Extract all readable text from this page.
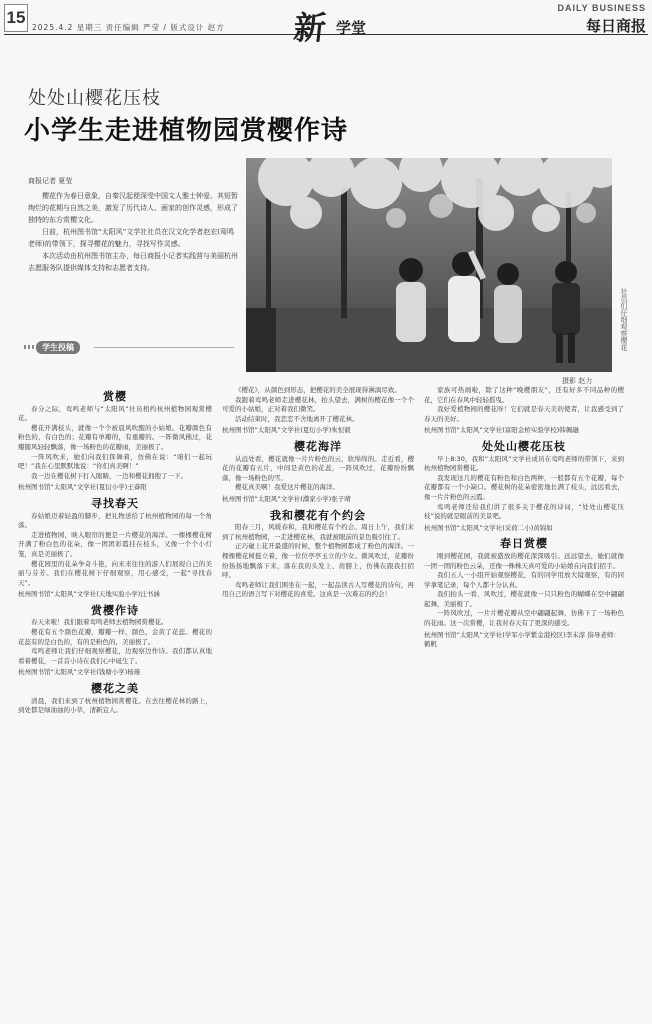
15
2025.4.2 星期三 责任编辑 严莹 / 版式设计 赵方 新 学堂
DAILY BUSINESS
每日商报
处处山樱花压枝
小学生走进植物园赏樱作诗
商报记者 夏莹

樱花作为春日意象，自秦汉起便深受中国文人雅士钟爱。其短暂绚烂的花期与自然之美，激发了历代诗人、画家的创作灵感，形成了独特的东方赏樱文化。

日前，杭州图书馆“太阳风”文学社社员在汉文化学者赵宏(鸾鸣老师)的带领下，探寻樱花的魅力，寻找写作灵感。

本次活动由杭州图书馆主办，每日商报小记者实践营与美丽杭州志愿服务队提供媒体支持和志愿者支持。

社员们仔细观察樱花
摄影 赵力
学生投稿
赏樱

春分之际，鸾鸣老师与“太阳风”社员相约杭州植物园观赏樱花。

樱花开满枝头，就像一个个被晨风吹醒的小姑娘。花瓣颜色有粉色的，有白色的；花瓣有单瓣的，有重瓣的。一阵微风拂过，花瓣随风轻轻飘落，像一场粉色的花瓣雨，美丽极了。

一阵风吹来，她们向我们挥舞着，仿佛在说：“咱们一起玩吧！”我在心里默默地说：“你们真美啊！”

我一边在樱花树下打入眼睛，一边和樱花拥抱了一下。

杭州图书馆“太阳风”文学社(夏衍小学)王睿阳

寻找春天

春姑娘迈着轻盈的脚步，把礼物送给了杭州植物园的每一个角落。

走进植物园，映入眼帘的便是一片樱花的海洋。一棵棵樱花树开满了粉白色的花朵，像一团团彩霞挂在枝头，又像一个个小灯笼，真是美丽极了。

樱花园里的花朵争奇斗艳，向来来往往的游人们展现自己的美丽与芬芳。我们在樱花树下仔细观察，用心感受，一起“寻找春天”。

杭州图书馆“太阳风”文学社(天地实验小学)汪书涵

赏樱作诗

春天来啦！我们跟着鸾鸣老师去植物园赏樱花。

樱花有五个颜色花瓣，瓣瓣一样，颜色，金黄了花蕊。樱花的花蕊有的是白色的，有的是粉色的，美丽极了。

鸾鸣老师让我们仔细观察樱花，边观察边作诗。我们都认真地看着樱花，一首首小诗在我们心中诞生了。

杭州图书馆“太阳风”文学社(钱塘小学)杨瑾

樱花之美

清晨，我们来到了杭州植物园赏樱花。在去往樱花林的路上，到处都是绿油油的小草，清新宜人。

《樱花》，从颜色到形态，把樱花的美全展现得淋漓尽致。

我跟着鸾鸣老师走进樱花林，抬头望去，满树的樱花像一个个可爱的小姑娘，正对着我们微笑。

活动结束时，我恋恋不舍地离开了樱花林。

杭州图书馆“太阳风”文学社(夏衍小学)朱恒毅

樱花海洋

从远处看，樱花就像一片片粉色的云，软绵绵的。走近看，樱花的花瓣有五片，中间是黄色的花蕊，一阵风吹过，花瓣纷纷飘落，像一场粉色的雪。

樱花真美啊！我爱这片樱花的海洋。

杭州图书馆“太阳风”文学社(濮家小学)张子晴

我和樱花有个约会

阳春三月，风暖春和，我和樱花有个约会。周日上午，我们来到了杭州植物园，一走进樱花林，我就被眼前的景色吸引住了。

正巧碰上花开最盛的时候，整个植物园都成了粉色的海洋。一棵棵樱花树挺立着，像一位位亭亭玉立的少女。微风吹过，花瓣纷纷扬扬地飘落下来，落在我的头发上、肩膀上，仿佛在跟我打招呼。

鸾鸣老师让我们围坐在一起，一起品读古人写樱花的诗句，再用自己的语言写下对樱花的喜爱。这真是一次难忘的约会！

家族可热闹啦，除了这种“晚樱朋友”，还有好多不同品种的樱花，它们在春风中轻轻摇曳。

我好爱植物园的樱花呀！它们就是春天美的使者，让我感受到了春天的美好。

杭州图书馆“太阳风”文学社(富阳金桥实验学校)韩佩融

处处山樱花压枝

早上8:30，我和“太阳风”文学社成员在鸾鸣老师的带领下，来到杭州植物园赏樱花。

我发现这几的樱花有粉色和白色两种，一般都有五个花瓣，每个花瓣都有一个小缺口。樱花树的花朵密密地长满了枝头，远远看去，像一片片粉色的云霞。

鸾鸣老师还给我们讲了很多关于樱花的诗词，“处处山樱花压枝”说的就是眼前的美景吧。

杭州图书馆“太阳风”文学社(采荷二小)黄锦如

春日赏樱

刚到樱花园，我就被盛放的樱花深深吸引。远远望去，她们就像一团一团的粉色云朵，还像一株株天真可爱的小姑娘在向我们招手。

我们五人一小组开始观察樱花，有的同学用放大镜观察，有的同学拿笔记录，每个人都十分认真。

我们抬头一看，风吹过，樱花就像一只只粉色的蝴蝶在空中翩翩起舞，美丽极了。

一阵风吹过，一片片樱花瓣从空中翩翩起舞，仿佛下了一场粉色的花雨。这一次赏樱，让我对春天有了更深的感受。

杭州图书馆“太阳风”文学社(学军小学紫金港校区)李未淳 指导老师：鹤帆
